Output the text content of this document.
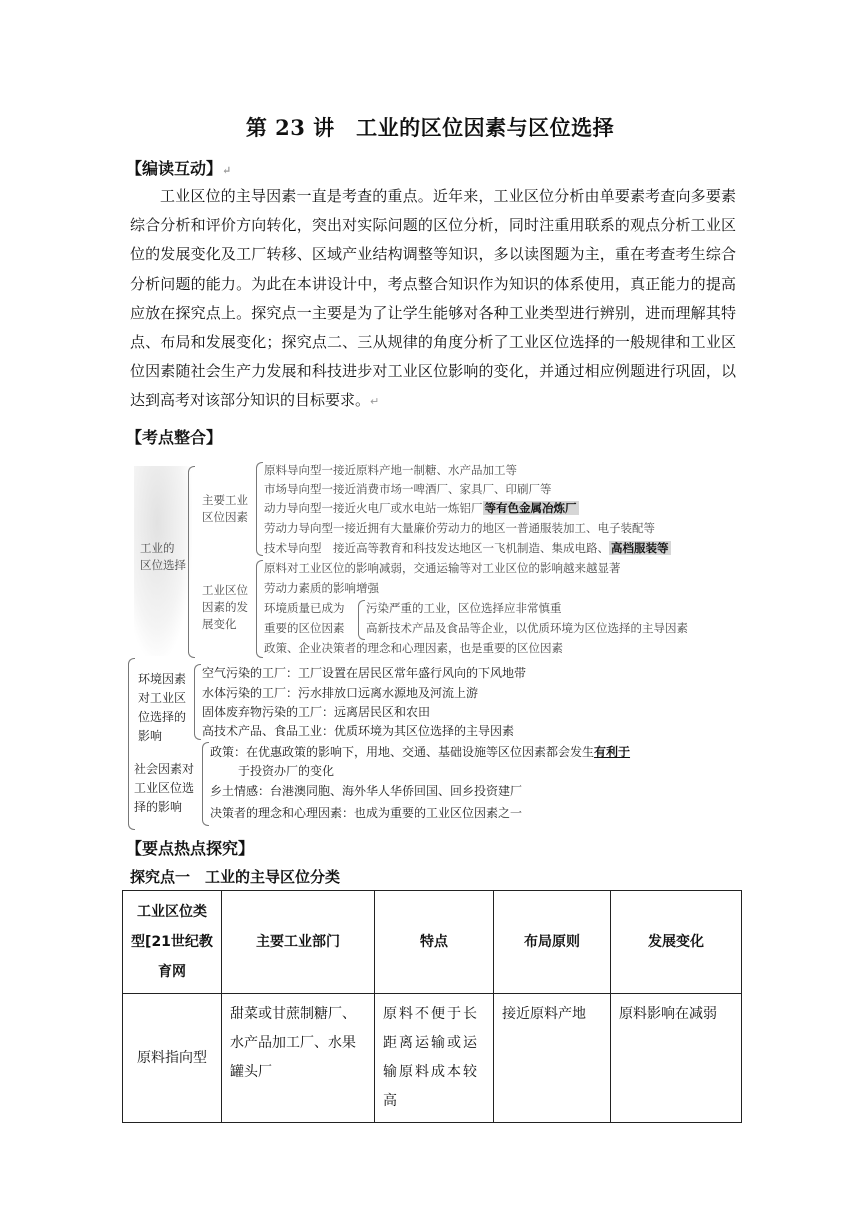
第 23 讲　工业的区位因素与区位选择
【编读互动】↵
工业区位的主导因素一直是考查的重点。近年来，工业区位分析由单要素考查向多要素综合分析和评价方向转化，突出对实际问题的区位分析，同时注重用联系的观点分析工业区位的发展变化及工厂转移、区域产业结构调整等知识，多以读图题为主，重在考查考生综合分析问题的能力。为此在本讲设计中，考点整合知识作为知识的体系使用，真正能力的提高应放在探究点上。探究点一主要是为了让学生能够对各种工业类型进行辨别，进而理解其特点、布局和发展变化；探究点二、三从规律的角度分析了工业区位选择的一般规律和工业区位因素随社会生产力发展和科技进步对工业区位影响的变化，并通过相应例题进行巩固，以达到高考对该部分知识的目标要求。↵
【考点整合】
工业的
区位选择
主要工业
区位因素
原料导向型一接近原料产地一制糖、水产品加工等
市场导向型一接近消费市场一啤酒厂、家具厂、印刷厂等
动力导向型一接近火电厂或水电站一炼铝厂 等有色金属冶炼厂
劳动力导向型一接近拥有大量廉价劳动力的地区一普通服装加工、电子装配等
技术导向型　接近高等教育和科技发达地区一飞机制造、集成电路、 高档服装等
工业区位
因素的发
展变化
原料对工业区位的影响减弱，交通运输等对工业区位的影响越来越显著
劳动力素质的影响增强
环境质量已成为
重要的区位因素
污染严重的工业，区位选择应非常慎重
高新技术产品及食品等企业，以优质环境为区位选择的主导因素
政策、企业决策者的理念和心理因素，也是重要的区位因素
环境因素
对工业区
位选择的
影响
空气污染的工厂：工厂设置在居民区常年盛行风向的下风地带
水体污染的工厂：污水排放口远离水源地及河流上游
固体废弃物污染的工厂：远离居民区和农田
高技术产品、食品工业：优质环境为其区位选择的主导因素
社会因素对
工业区位选
择的影响
政策：在优惠政策的影响下，用地、交通、基础设施等区位因素都会发生有利于
于投资办厂的变化
乡土情感：台港澳同胞、海外华人华侨回国、回乡投资建厂
决策者的理念和心理因素：也成为重要的工业区位因素之一
【要点热点探究】
探究点一　工业的主导区位分类
工业区位类型[21世纪教育网	主要工业部门	特点	布局原则	发展变化
原料指向型	甜菜或甘蔗制糖厂、水产品加工厂、水果罐头厂	原料不便于长距离运输或运输原料成本较高	接近原料产地	原料影响在减弱
